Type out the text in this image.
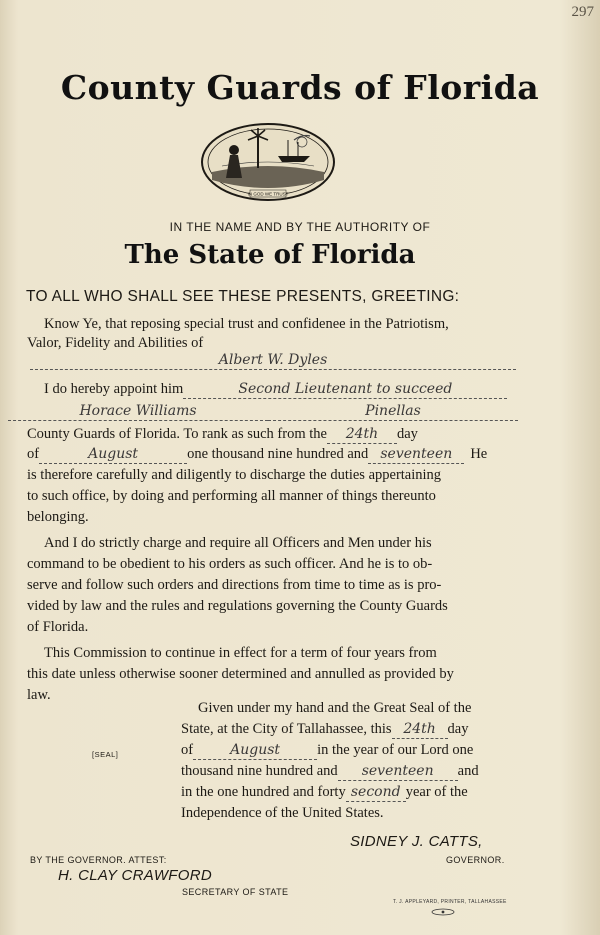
297
County Guards of Florida
IN GOD WE TRUST
IN THE NAME AND BY THE AUTHORITY OF
The State of Florida
TO ALL WHO SHALL SEE THESE PRESENTS, GREETING:
Know Ye, that reposing special trust and confidenee in the Patriotism,
Valor, Fidelity and Abilities of
Albert W. Dyles
I do hereby appoint him	Second Lieutenant to succeed
Horace Williams	Pinellas
County Guards of Florida. To rank as such from the 24th day
of	August	one thousand nine hundred and seventeen He
is therefore carefully and diligently to discharge the duties appertaining
to such office, by doing and performing all manner of things thereunto
belonging.
And I do strictly charge and require all Officers and Men under his
command to be obedient to his orders as such officer. And he is to ob-
serve and follow such orders and directions from time to time as is pro-
vided by law and the rules and regulations governing the County Guards
of Florida.
This Commission to continue in effect for a term of four years from
this date unless otherwise sooner determined and annulled as provided by
law.
Given under my hand and the Great Seal of the
State, at the City of Tallahassee, this 24th day
of	August	in the year of our Lord one
thousand nine hundred and seventeen and
in the one hundred and forty second year of the
Independence of the United States.
[SEAL]
SIDNEY J. CATTS,
BY THE GOVERNOR. ATTEST:	GOVERNOR.
H. CLAY CRAWFORD
SECRETARY OF STATE
T. J. APPLEYARD, PRINTER, TALLAHASSEE
